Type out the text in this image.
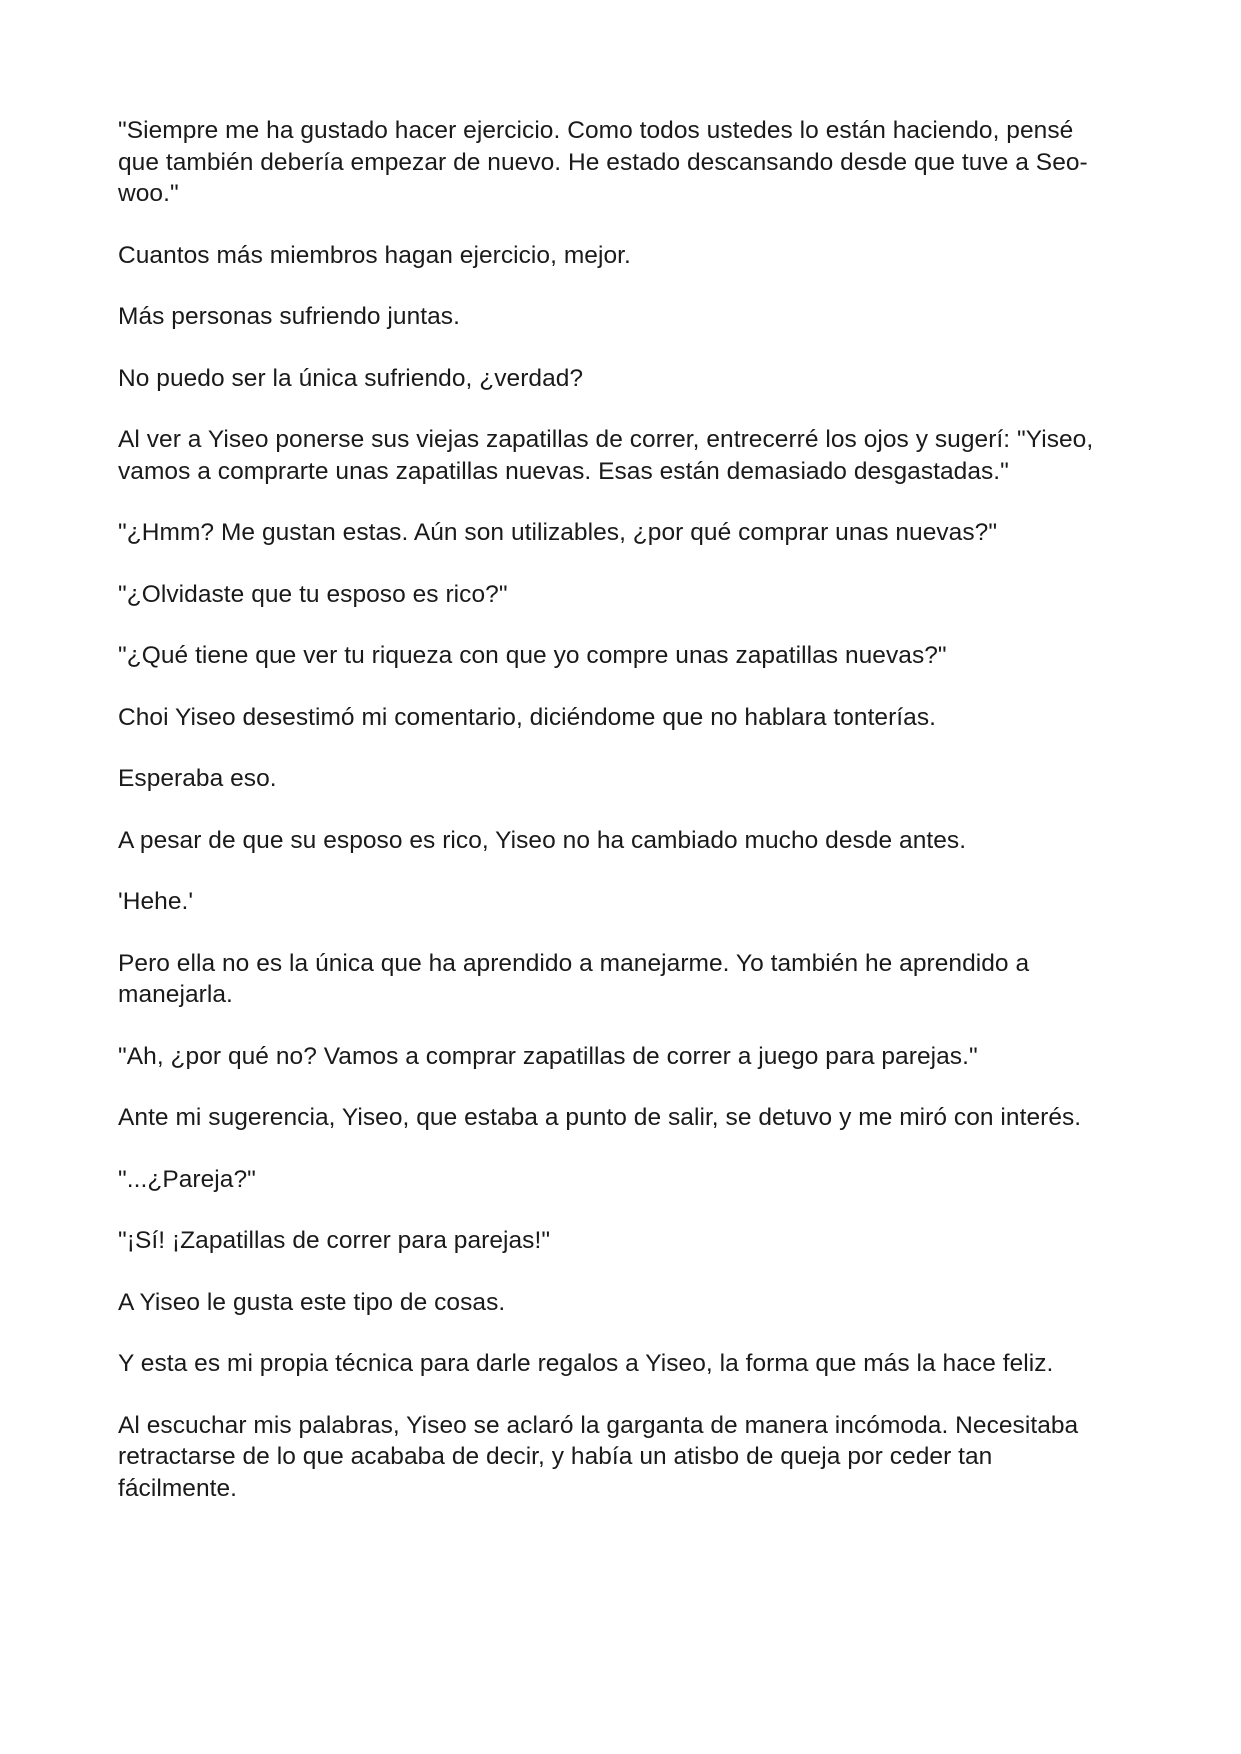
"Siempre me ha gustado hacer ejercicio. Como todos ustedes lo están haciendo, pensé que también debería empezar de nuevo. He estado descansando desde que tuve a Seo-woo."

Cuantos más miembros hagan ejercicio, mejor.

Más personas sufriendo juntas.

No puedo ser la única sufriendo, ¿verdad?

Al ver a Yiseo ponerse sus viejas zapatillas de correr, entrecerré los ojos y sugerí: "Yiseo, vamos a comprarte unas zapatillas nuevas. Esas están demasiado desgastadas."

"¿Hmm? Me gustan estas. Aún son utilizables, ¿por qué comprar unas nuevas?"

"¿Olvidaste que tu esposo es rico?"

"¿Qué tiene que ver tu riqueza con que yo compre unas zapatillas nuevas?"

Choi Yiseo desestimó mi comentario, diciéndome que no hablara tonterías.

Esperaba eso.

A pesar de que su esposo es rico, Yiseo no ha cambiado mucho desde antes.

'Hehe.'

Pero ella no es la única que ha aprendido a manejarme. Yo también he aprendido a manejarla.

"Ah, ¿por qué no? Vamos a comprar zapatillas de correr a juego para parejas."

Ante mi sugerencia, Yiseo, que estaba a punto de salir, se detuvo y me miró con interés.

"...¿Pareja?"

"¡Sí! ¡Zapatillas de correr para parejas!"

A Yiseo le gusta este tipo de cosas.

Y esta es mi propia técnica para darle regalos a Yiseo, la forma que más la hace feliz.

Al escuchar mis palabras, Yiseo se aclaró la garganta de manera incómoda. Necesitaba retractarse de lo que acababa de decir, y había un atisbo de queja por ceder tan fácilmente.
